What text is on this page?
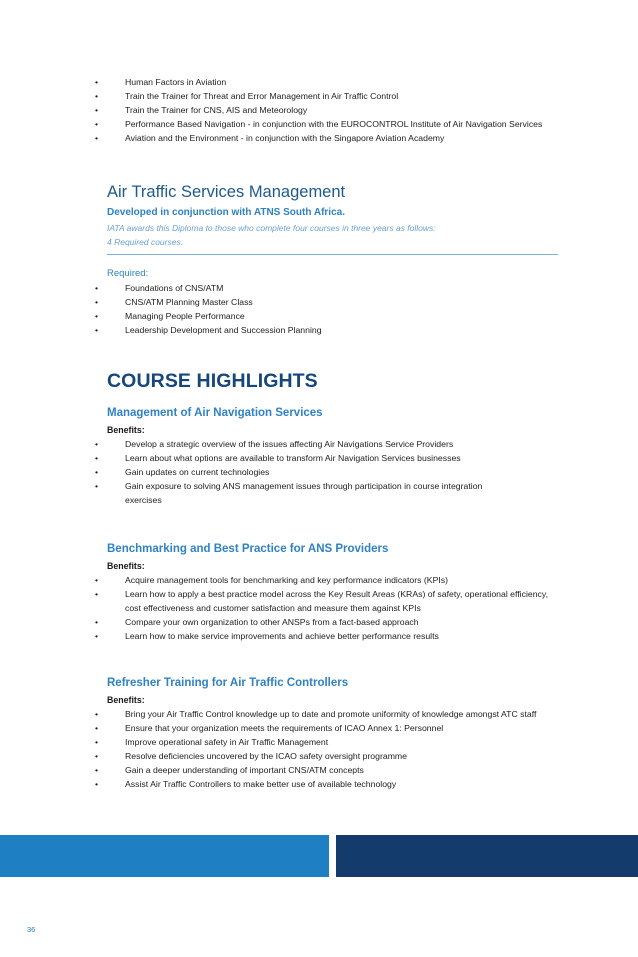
• Human Factors in Aviation
• Train the Trainer for Threat and Error Management in Air Traffic Control
• Train the Trainer for CNS, AIS and Meteorology
• Performance Based Navigation - in conjunction with the EUROCONTROL Institute of Air Navigation Services
• Aviation and the Environment - in conjunction with the Singapore Aviation Academy
Air Traffic Services Management
Developed in conjunction with ATNS South Africa.
IATA awards this Diploma to those who complete four courses in three years as follows:
4 Required courses.
Required:
• Foundations of CNS/ATM
• CNS/ATM Planning Master Class
• Managing People Performance
• Leadership Development and Succession Planning
COURSE HIGHLIGHTS
Management of Air Navigation Services
Benefits:
• Develop a strategic overview of the issues affecting Air Navigations Service Providers
• Learn about what options are available to transform Air Navigation Services businesses
• Gain updates on current technologies
• Gain exposure to solving ANS management issues through participation in course integration exercises
Benchmarking and Best Practice for ANS Providers
Benefits:
• Acquire management tools for benchmarking and key performance indicators (KPIs)
• Learn how to apply a best practice model across the Key Result Areas (KRAs) of safety, operational efficiency, cost effectiveness and customer satisfaction and measure them against KPIs
• Compare your own organization to other ANSPs from a fact-based approach
• Learn how to make service improvements and achieve better performance results
Refresher Training for Air Traffic Controllers
Benefits:
• Bring your Air Traffic Control knowledge up to date and promote uniformity of knowledge amongst ATC staff
• Ensure that your organization meets the requirements of ICAO Annex 1: Personnel
• Improve operational safety in Air Traffic Management
• Resolve deficiencies uncovered by the ICAO safety oversight programme
• Gain a deeper understanding of important CNS/ATM concepts
• Assist Air Traffic Controllers to make better use of available technology
36
